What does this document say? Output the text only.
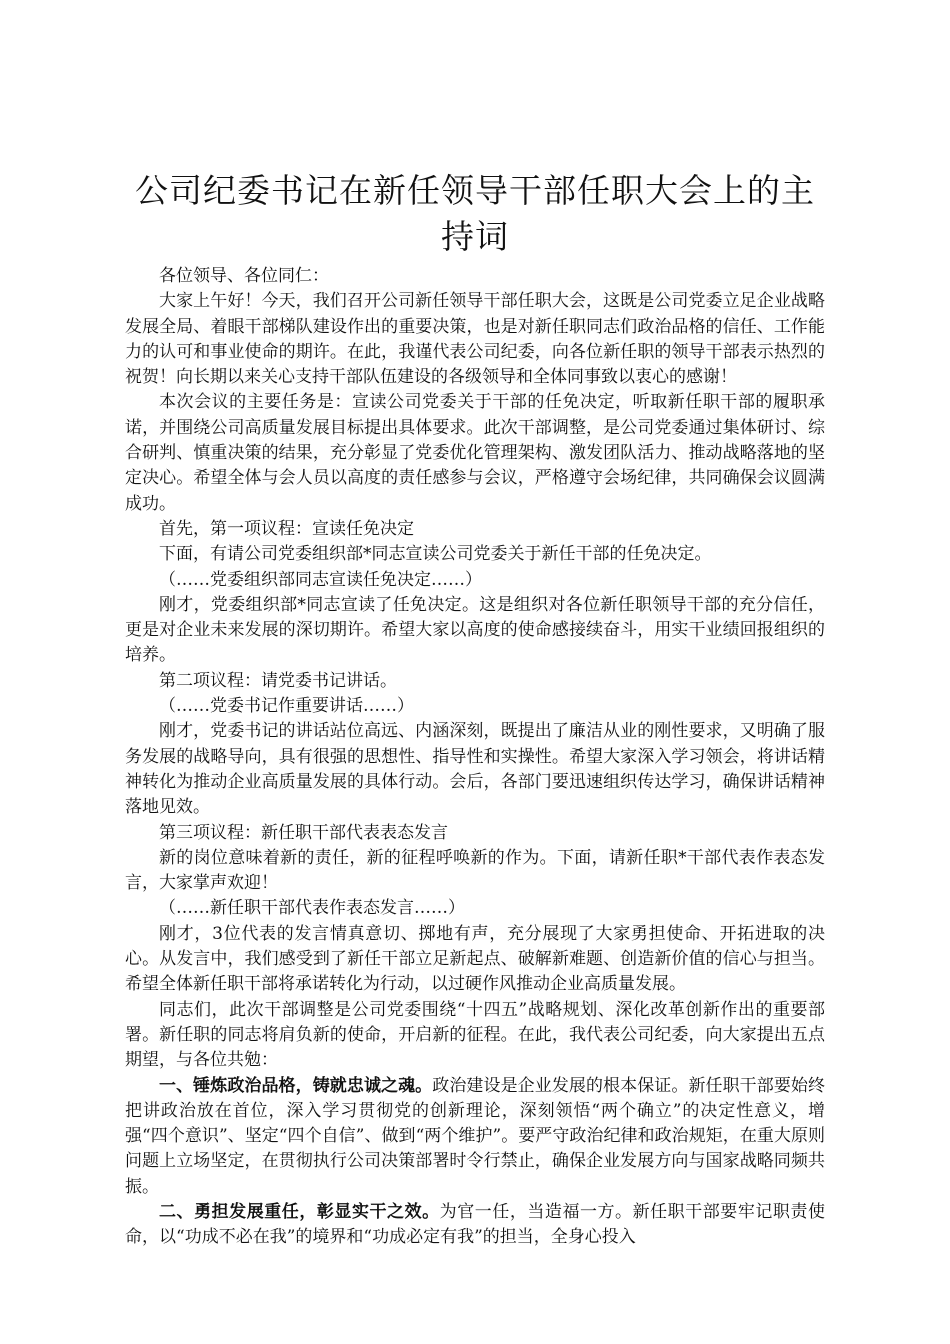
公司纪委书记在新任领导干部任职大会上的主持词

各位领导、各位同仁：

大家上午好！今天，我们召开公司新任领导干部任职大会，这既是公司党委立足企业战略发展全局、着眼干部梯队建设作出的重要决策，也是对新任职同志们政治品格的信任、工作能力的认可和事业使命的期许。在此，我谨代表公司纪委，向各位新任职的领导干部表示热烈的祝贺！向长期以来关心支持干部队伍建设的各级领导和全体同事致以衷心的感谢！

本次会议的主要任务是：宣读公司党委关于干部的任免决定，听取新任职干部的履职承诺，并围绕公司高质量发展目标提出具体要求。此次干部调整，是公司党委通过集体研讨、综合研判、慎重决策的结果，充分彰显了党委优化管理架构、激发团队活力、推动战略落地的坚定决心。希望全体与会人员以高度的责任感参与会议，严格遵守会场纪律，共同确保会议圆满成功。

首先，第一项议程：宣读任免决定

下面，有请公司党委组织部*同志宣读公司党委关于新任干部的任免决定。

（……党委组织部同志宣读任免决定……）

刚才，党委组织部*同志宣读了任免决定。这是组织对各位新任职领导干部的充分信任，更是对企业未来发展的深切期许。希望大家以高度的使命感接续奋斗，用实干业绩回报组织的培养。

第二项议程：请党委书记讲话。

（……党委书记作重要讲话……）

刚才，党委书记的讲话站位高远、内涵深刻，既提出了廉洁从业的刚性要求，又明确了服务发展的战略导向，具有很强的思想性、指导性和实操性。希望大家深入学习领会，将讲话精神转化为推动企业高质量发展的具体行动。会后，各部门要迅速组织传达学习，确保讲话精神落地见效。

第三项议程：新任职干部代表表态发言

新的岗位意味着新的责任，新的征程呼唤新的作为。下面，请新任职*干部代表作表态发言，大家掌声欢迎！

（……新任职干部代表作表态发言……）

刚才，3位代表的发言情真意切、掷地有声，充分展现了大家勇担使命、开拓进取的决心。从发言中，我们感受到了新任干部立足新起点、破解新难题、创造新价值的信心与担当。希望全体新任职干部将承诺转化为行动，以过硬作风推动企业高质量发展。

同志们，此次干部调整是公司党委围绕“十四五”战略规划、深化改革创新作出的重要部署。新任职的同志将肩负新的使命，开启新的征程。在此，我代表公司纪委，向大家提出五点期望，与各位共勉：

一、锤炼政治品格，铸就忠诚之魂。政治建设是企业发展的根本保证。新任职干部要始终把讲政治放在首位，深入学习贯彻党的创新理论，深刻领悟“两个确立”的决定性意义，增强“四个意识”、坚定“四个自信”、做到“两个维护”。要严守政治纪律和政治规矩，在重大原则问题上立场坚定，在贯彻执行公司决策部署时令行禁止，确保企业发展方向与国家战略同频共振。

二、勇担发展重任，彰显实干之效。为官一任，当造福一方。新任职干部要牢记职责使命，以“功成不必在我”的境界和“功成必定有我”的担当，全身心投入
